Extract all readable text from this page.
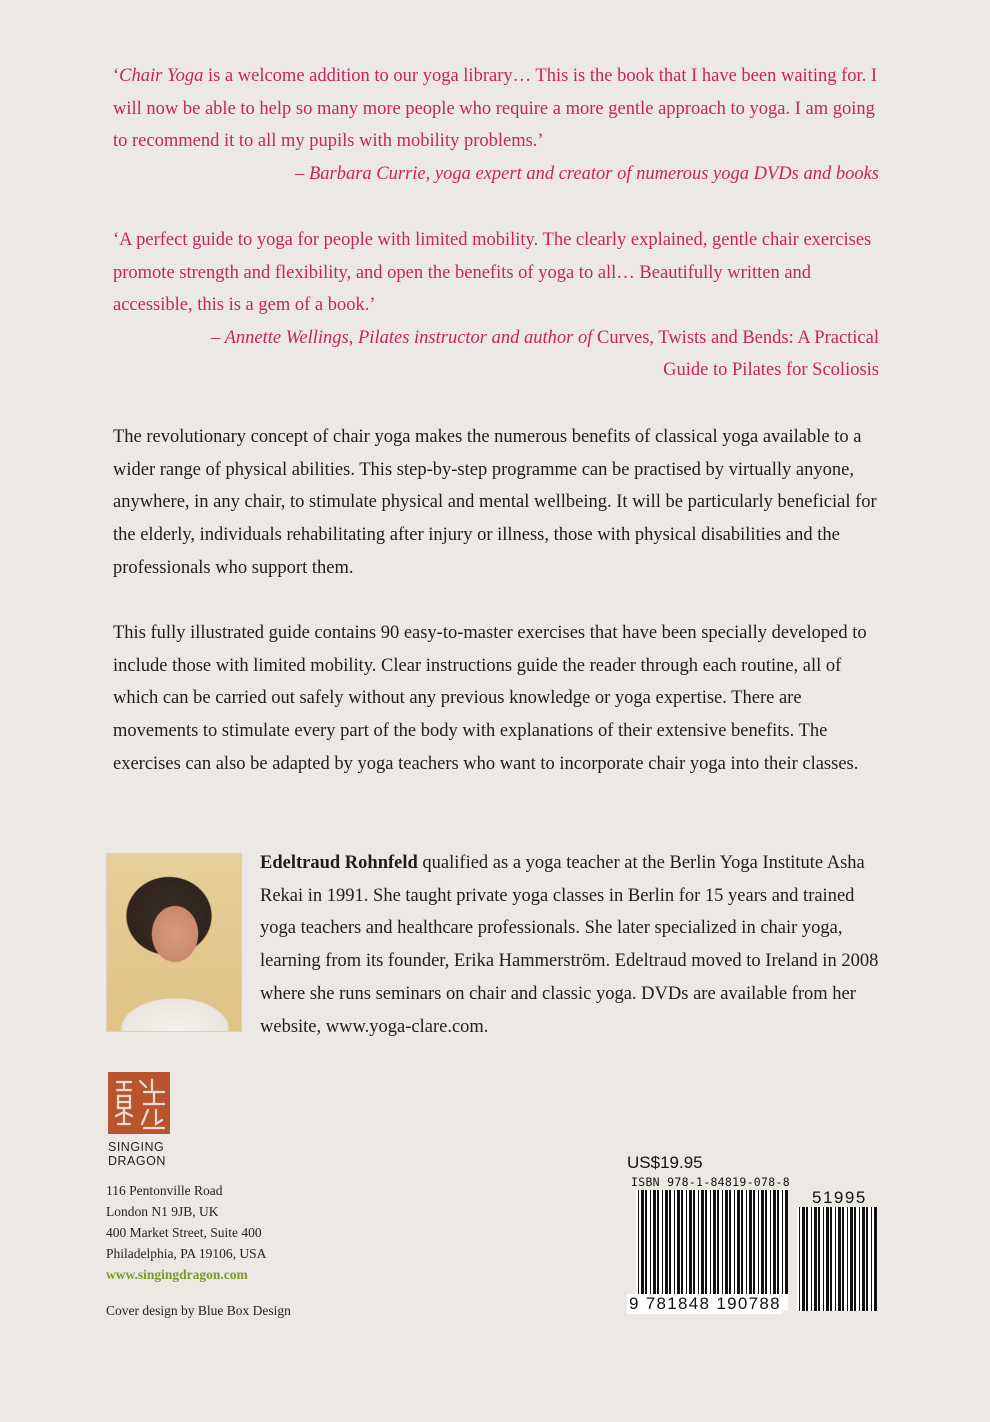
‘Chair Yoga is a welcome addition to our yoga library… This is the book that I have been waiting for. I will now be able to help so many more people who require a more gentle approach to yoga. I am going to recommend it to all my pupils with mobility problems.’

– Barbara Currie, yoga expert and creator of numerous yoga DVDs and books

‘A perfect guide to yoga for people with limited mobility. The clearly explained, gentle chair exercises promote strength and flexibility, and open the benefits of yoga to all… Beautifully written and accessible, this is a gem of a book.’

– Annette Wellings, Pilates instructor and author of Curves, Twists and Bends: A Practical

Guide to Pilates for Scoliosis

The revolutionary concept of chair yoga makes the numerous benefits of classical yoga available to a wider range of physical abilities. This step-by-step programme can be practised by virtually anyone, anywhere, in any chair, to stimulate physical and mental wellbeing. It will be particularly beneficial for the elderly, individuals rehabilitating after injury or illness, those with physical disabilities and the professionals who support them.

This fully illustrated guide contains 90 easy-to-master exercises that have been specially developed to include those with limited mobility. Clear instructions guide the reader through each routine, all of which can be carried out safely without any previous knowledge or yoga expertise. There are movements to stimulate every part of the body with explanations of their extensive benefits. The exercises can also be adapted by yoga teachers who want to incorporate chair yoga into their classes.

Edeltraud Rohnfeld qualified as a yoga teacher at the Berlin Yoga Institute Asha Rekai in 1991. She taught private yoga classes in Berlin for 15 years and trained yoga teachers and healthcare professionals. She later specialized in chair yoga, learning from its founder, Erika Hammerström. Edeltraud moved to Ireland in 2008 where she runs seminars on chair and classic yoga. DVDs are available from her website, www.yoga-clare.com.

SINGING
DRAGON
116 Pentonville Road
London N1 9JB, UK
400 Market Street, Suite 400
Philadelphia, PA 19106, USA
www.singingdragon.com
Cover design by Blue Box Design
US$19.95
ISBN 978-1-84819-078-8
51995
9 781848 190788
